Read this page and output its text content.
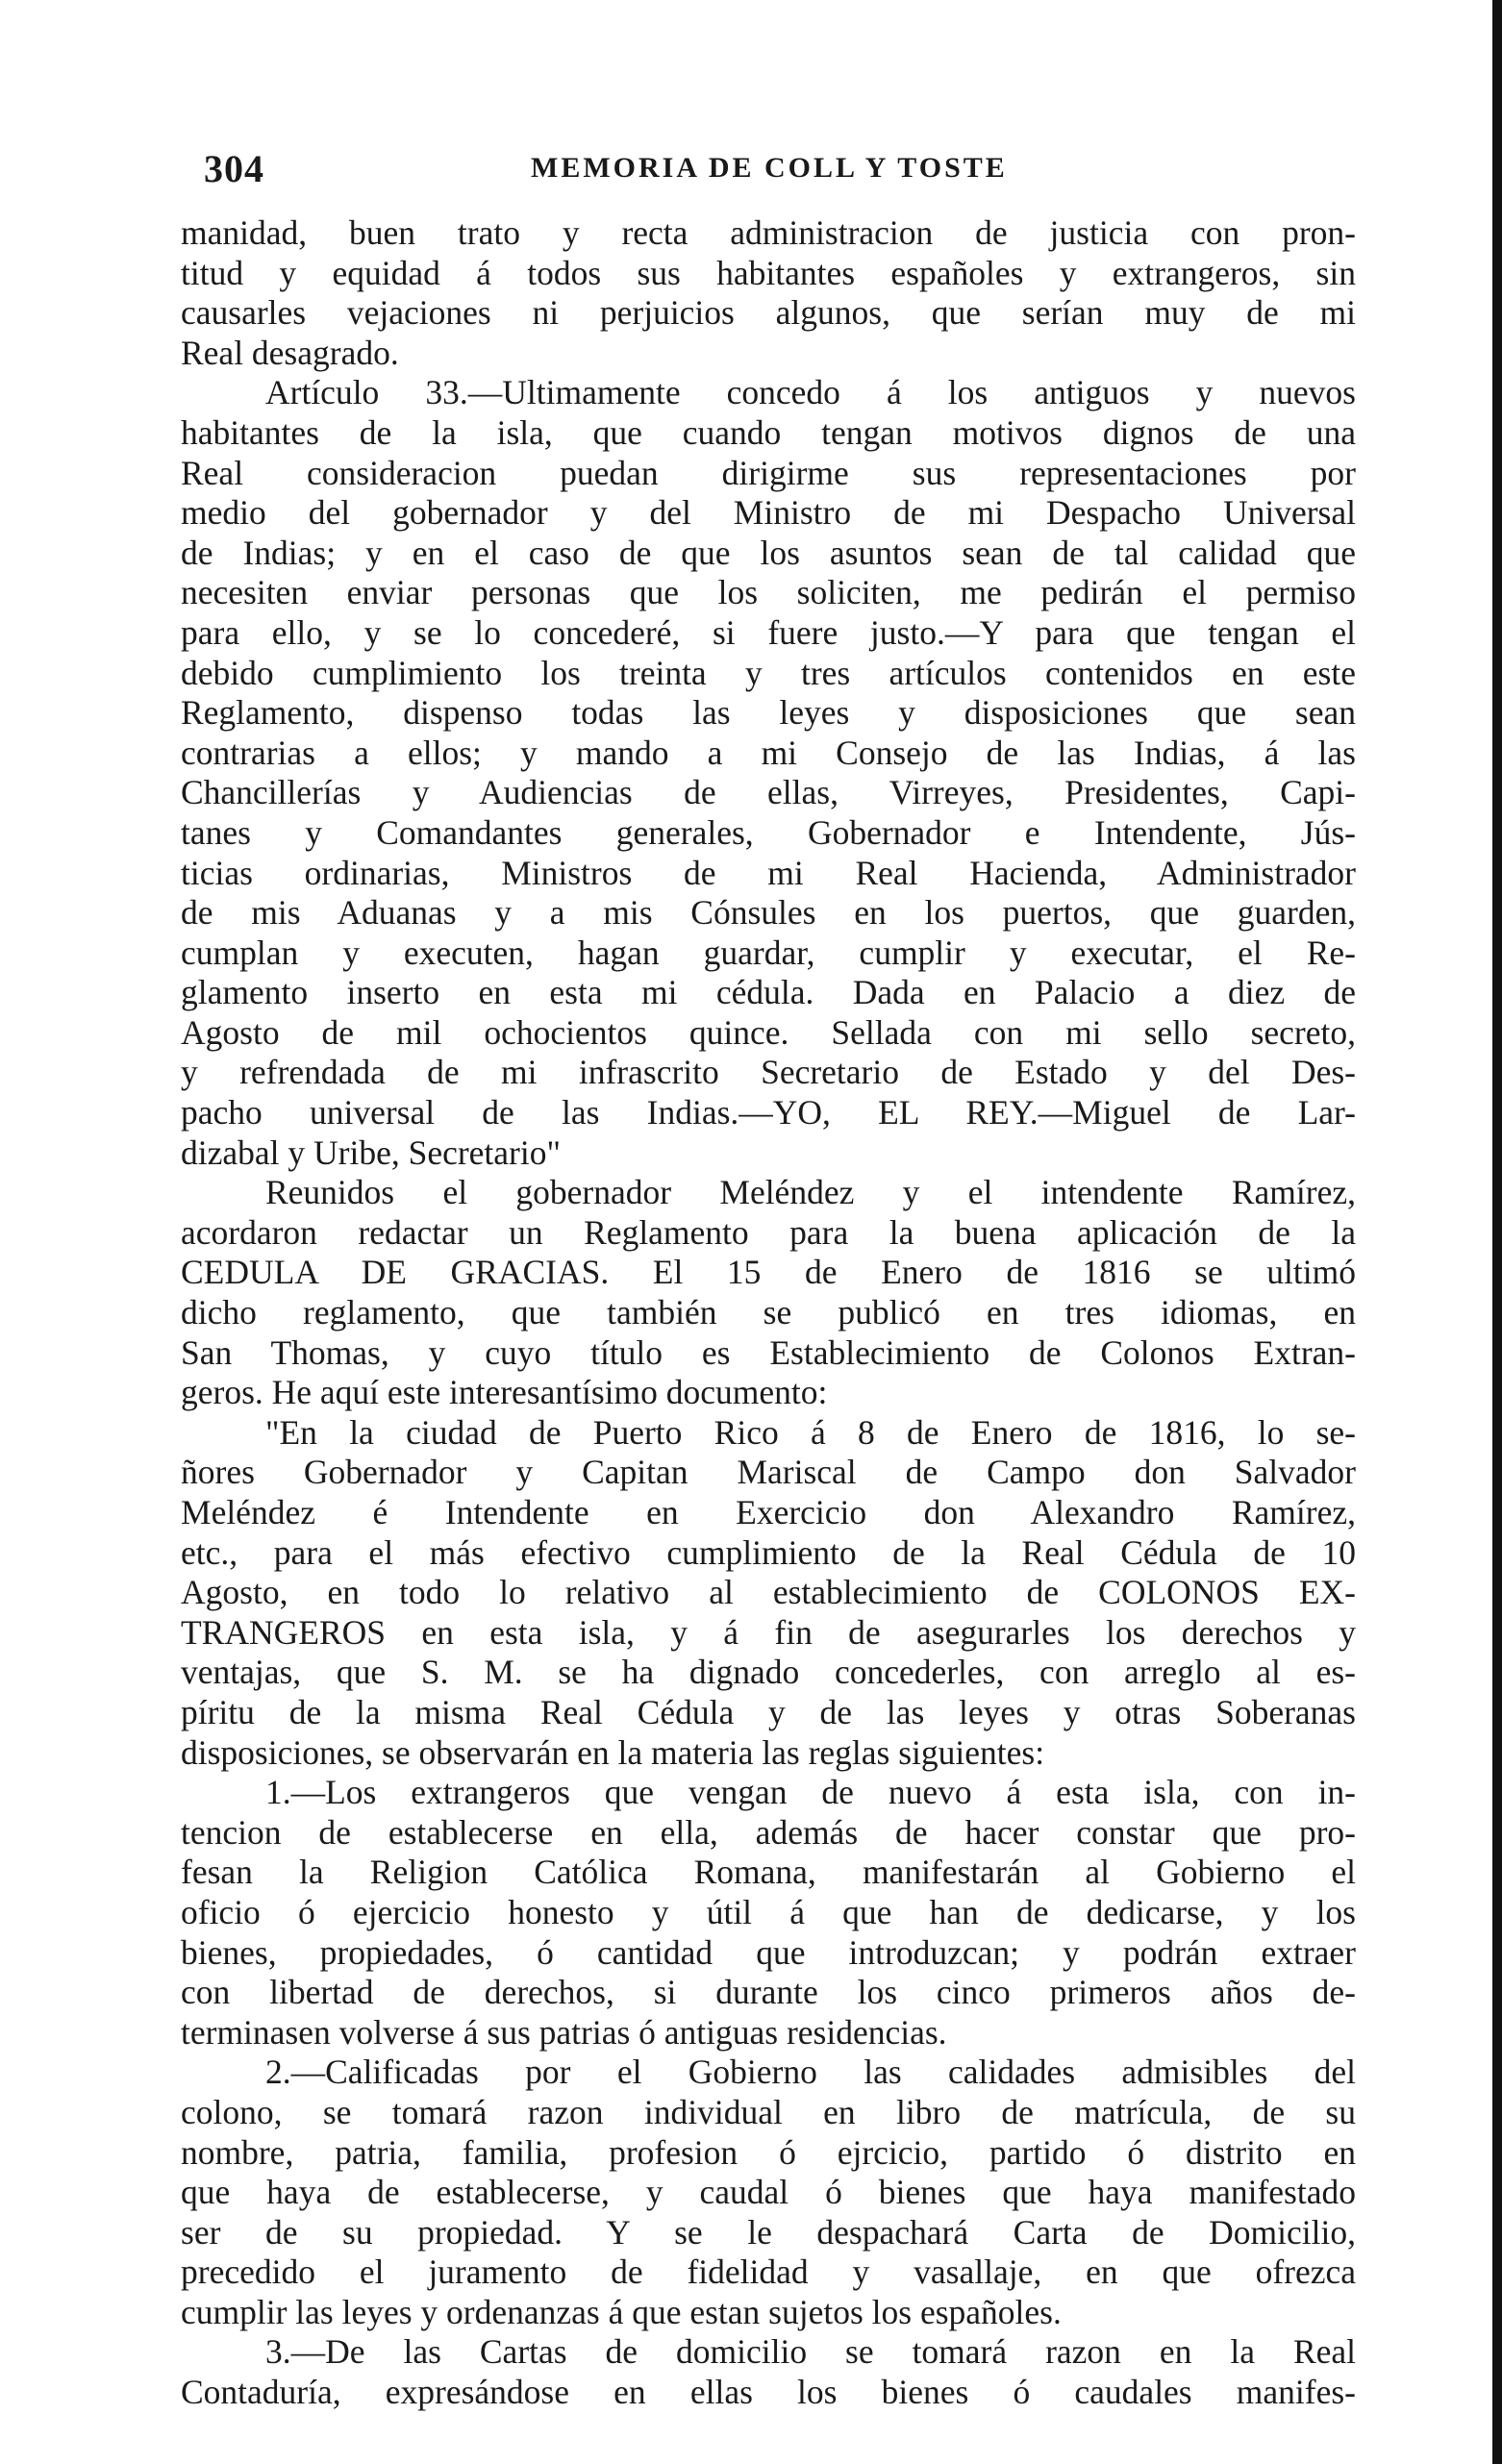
304	MEMORIA DE COLL Y TOSTE
manidad, buen trato y recta administracion de justicia con pron-
titud y equidad á todos sus habitantes españoles y extrangeros, sin
causarles vejaciones ni perjuicios algunos, que serían muy de mi
Real desagrado.
Artículo 33.—Ultimamente concedo á los antiguos y nuevos
habitantes de la isla, que cuando tengan motivos dignos de una
Real consideracion puedan dirigirme sus representaciones por
medio del gobernador y del Ministro de mi Despacho Universal
de Indias; y en el caso de que los asuntos sean de tal calidad que
necesiten enviar personas que los soliciten, me pedirán el permiso
para ello, y se lo concederé, si fuere justo.—Y para que tengan el
debido cumplimiento los treinta y tres artículos contenidos en este
Reglamento, dispenso todas las leyes y disposiciones que sean
contrarias a ellos; y mando a mi Consejo de las Indias, á las
Chancillerías y Audiencias de ellas, Virreyes, Presidentes, Capi-
tanes y Comandantes generales, Gobernador e Intendente, Jús-
ticias ordinarias, Ministros de mi Real Hacienda, Administrador
de mis Aduanas y a mis Cónsules en los puertos, que guarden,
cumplan y executen, hagan guardar, cumplir y executar, el Re-
glamento inserto en esta mi cédula. Dada en Palacio a diez de
Agosto de mil ochocientos quince. Sellada con mi sello secreto,
y refrendada de mi infrascrito Secretario de Estado y del Des-
pacho universal de las Indias.—YO, EL REY.—Miguel de Lar-
dizabal y Uribe, Secretario"
Reunidos el gobernador Meléndez y el intendente Ramírez,
acordaron redactar un Reglamento para la buena aplicación de la
CEDULA DE GRACIAS. El 15 de Enero de 1816 se ultimó
dicho reglamento, que también se publicó en tres idiomas, en
San Thomas, y cuyo título es Establecimiento de Colonos Extran-
geros. He aquí este interesantísimo documento:
"En la ciudad de Puerto Rico á 8 de Enero de 1816, lo se-
ñores Gobernador y Capitan Mariscal de Campo don Salvador
Meléndez é Intendente en Exercicio don Alexandro Ramírez,
etc., para el más efectivo cumplimiento de la Real Cédula de 10
Agosto, en todo lo relativo al establecimiento de COLONOS EX-
TRANGEROS en esta isla, y á fin de asegurarles los derechos y
ventajas, que S. M. se ha dignado concederles, con arreglo al es-
píritu de la misma Real Cédula y de las leyes y otras Soberanas
disposiciones, se observarán en la materia las reglas siguientes:
1.—Los extrangeros que vengan de nuevo á esta isla, con in-
tencion de establecerse en ella, además de hacer constar que pro-
fesan la Religion Católica Romana, manifestarán al Gobierno el
oficio ó ejercicio honesto y útil á que han de dedicarse, y los
bienes, propiedades, ó cantidad que introduzcan; y podrán extraer
con libertad de derechos, si durante los cinco primeros años de-
terminasen volverse á sus patrias ó antiguas residencias.
2.—Calificadas por el Gobierno las calidades admisibles del
colono, se tomará razon individual en libro de matrícula, de su
nombre, patria, familia, profesion ó ejrcicio, partido ó distrito en
que haya de establecerse, y caudal ó bienes que haya manifestado
ser de su propiedad. Y se le despachará Carta de Domicilio,
precedido el juramento de fidelidad y vasallaje, en que ofrezca
cumplir las leyes y ordenanzas á que estan sujetos los españoles.
3.—De las Cartas de domicilio se tomará razon en la Real
Contaduría, expresándose en ellas los bienes ó caudales manifes-
